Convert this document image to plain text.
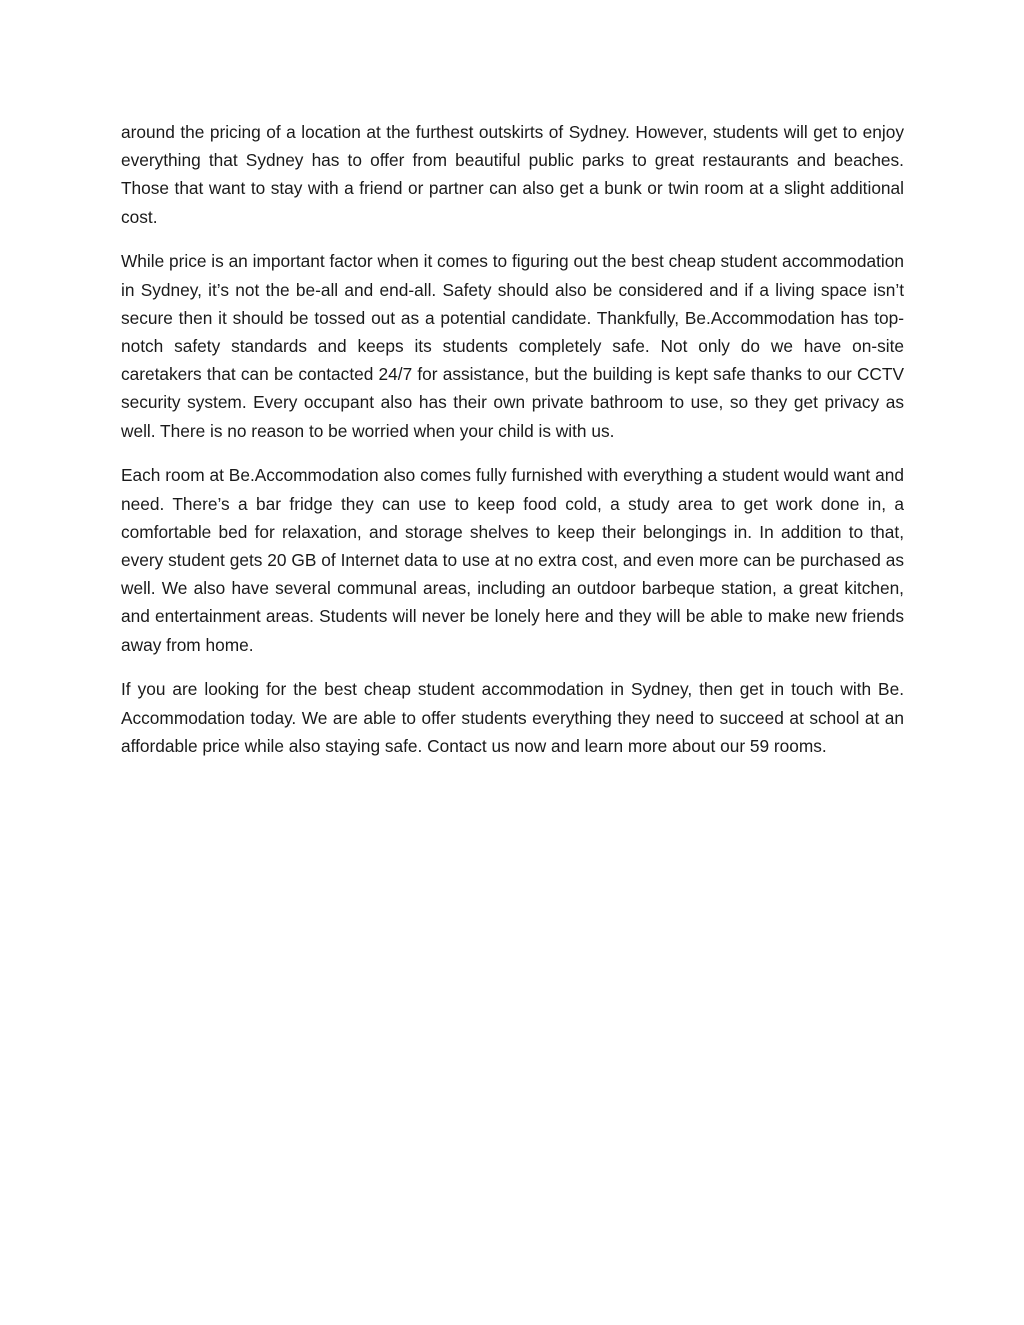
around the pricing of a location at the furthest outskirts of Sydney. However, students will get to enjoy everything that Sydney has to offer from beautiful public parks to great restaurants and beaches. Those that want to stay with a friend or partner can also get a bunk or twin room at a slight additional cost.

While price is an important factor when it comes to figuring out the best cheap student accommodation in Sydney, it’s not the be-all and end-all. Safety should also be considered and if a living space isn’t secure then it should be tossed out as a potential candidate. Thankfully, Be.Accommodation has top-notch safety standards and keeps its students completely safe. Not only do we have on-site caretakers that can be contacted 24/7 for assistance, but the building is kept safe thanks to our CCTV security system. Every occupant also has their own private bathroom to use, so they get privacy as well. There is no reason to be worried when your child is with us.

Each room at Be.Accommodation also comes fully furnished with everything a student would want and need. There’s a bar fridge they can use to keep food cold, a study area to get work done in, a comfortable bed for relaxation, and storage shelves to keep their belongings in. In addition to that, every student gets 20 GB of Internet data to use at no extra cost, and even more can be purchased as well. We also have several communal areas, including an outdoor barbeque station, a great kitchen, and entertainment areas. Students will never be lonely here and they will be able to make new friends away from home.

If you are looking for the best cheap student accommodation in Sydney, then get in touch with Be. Accommodation today. We are able to offer students everything they need to succeed at school at an affordable price while also staying safe. Contact us now and learn more about our 59 rooms.
